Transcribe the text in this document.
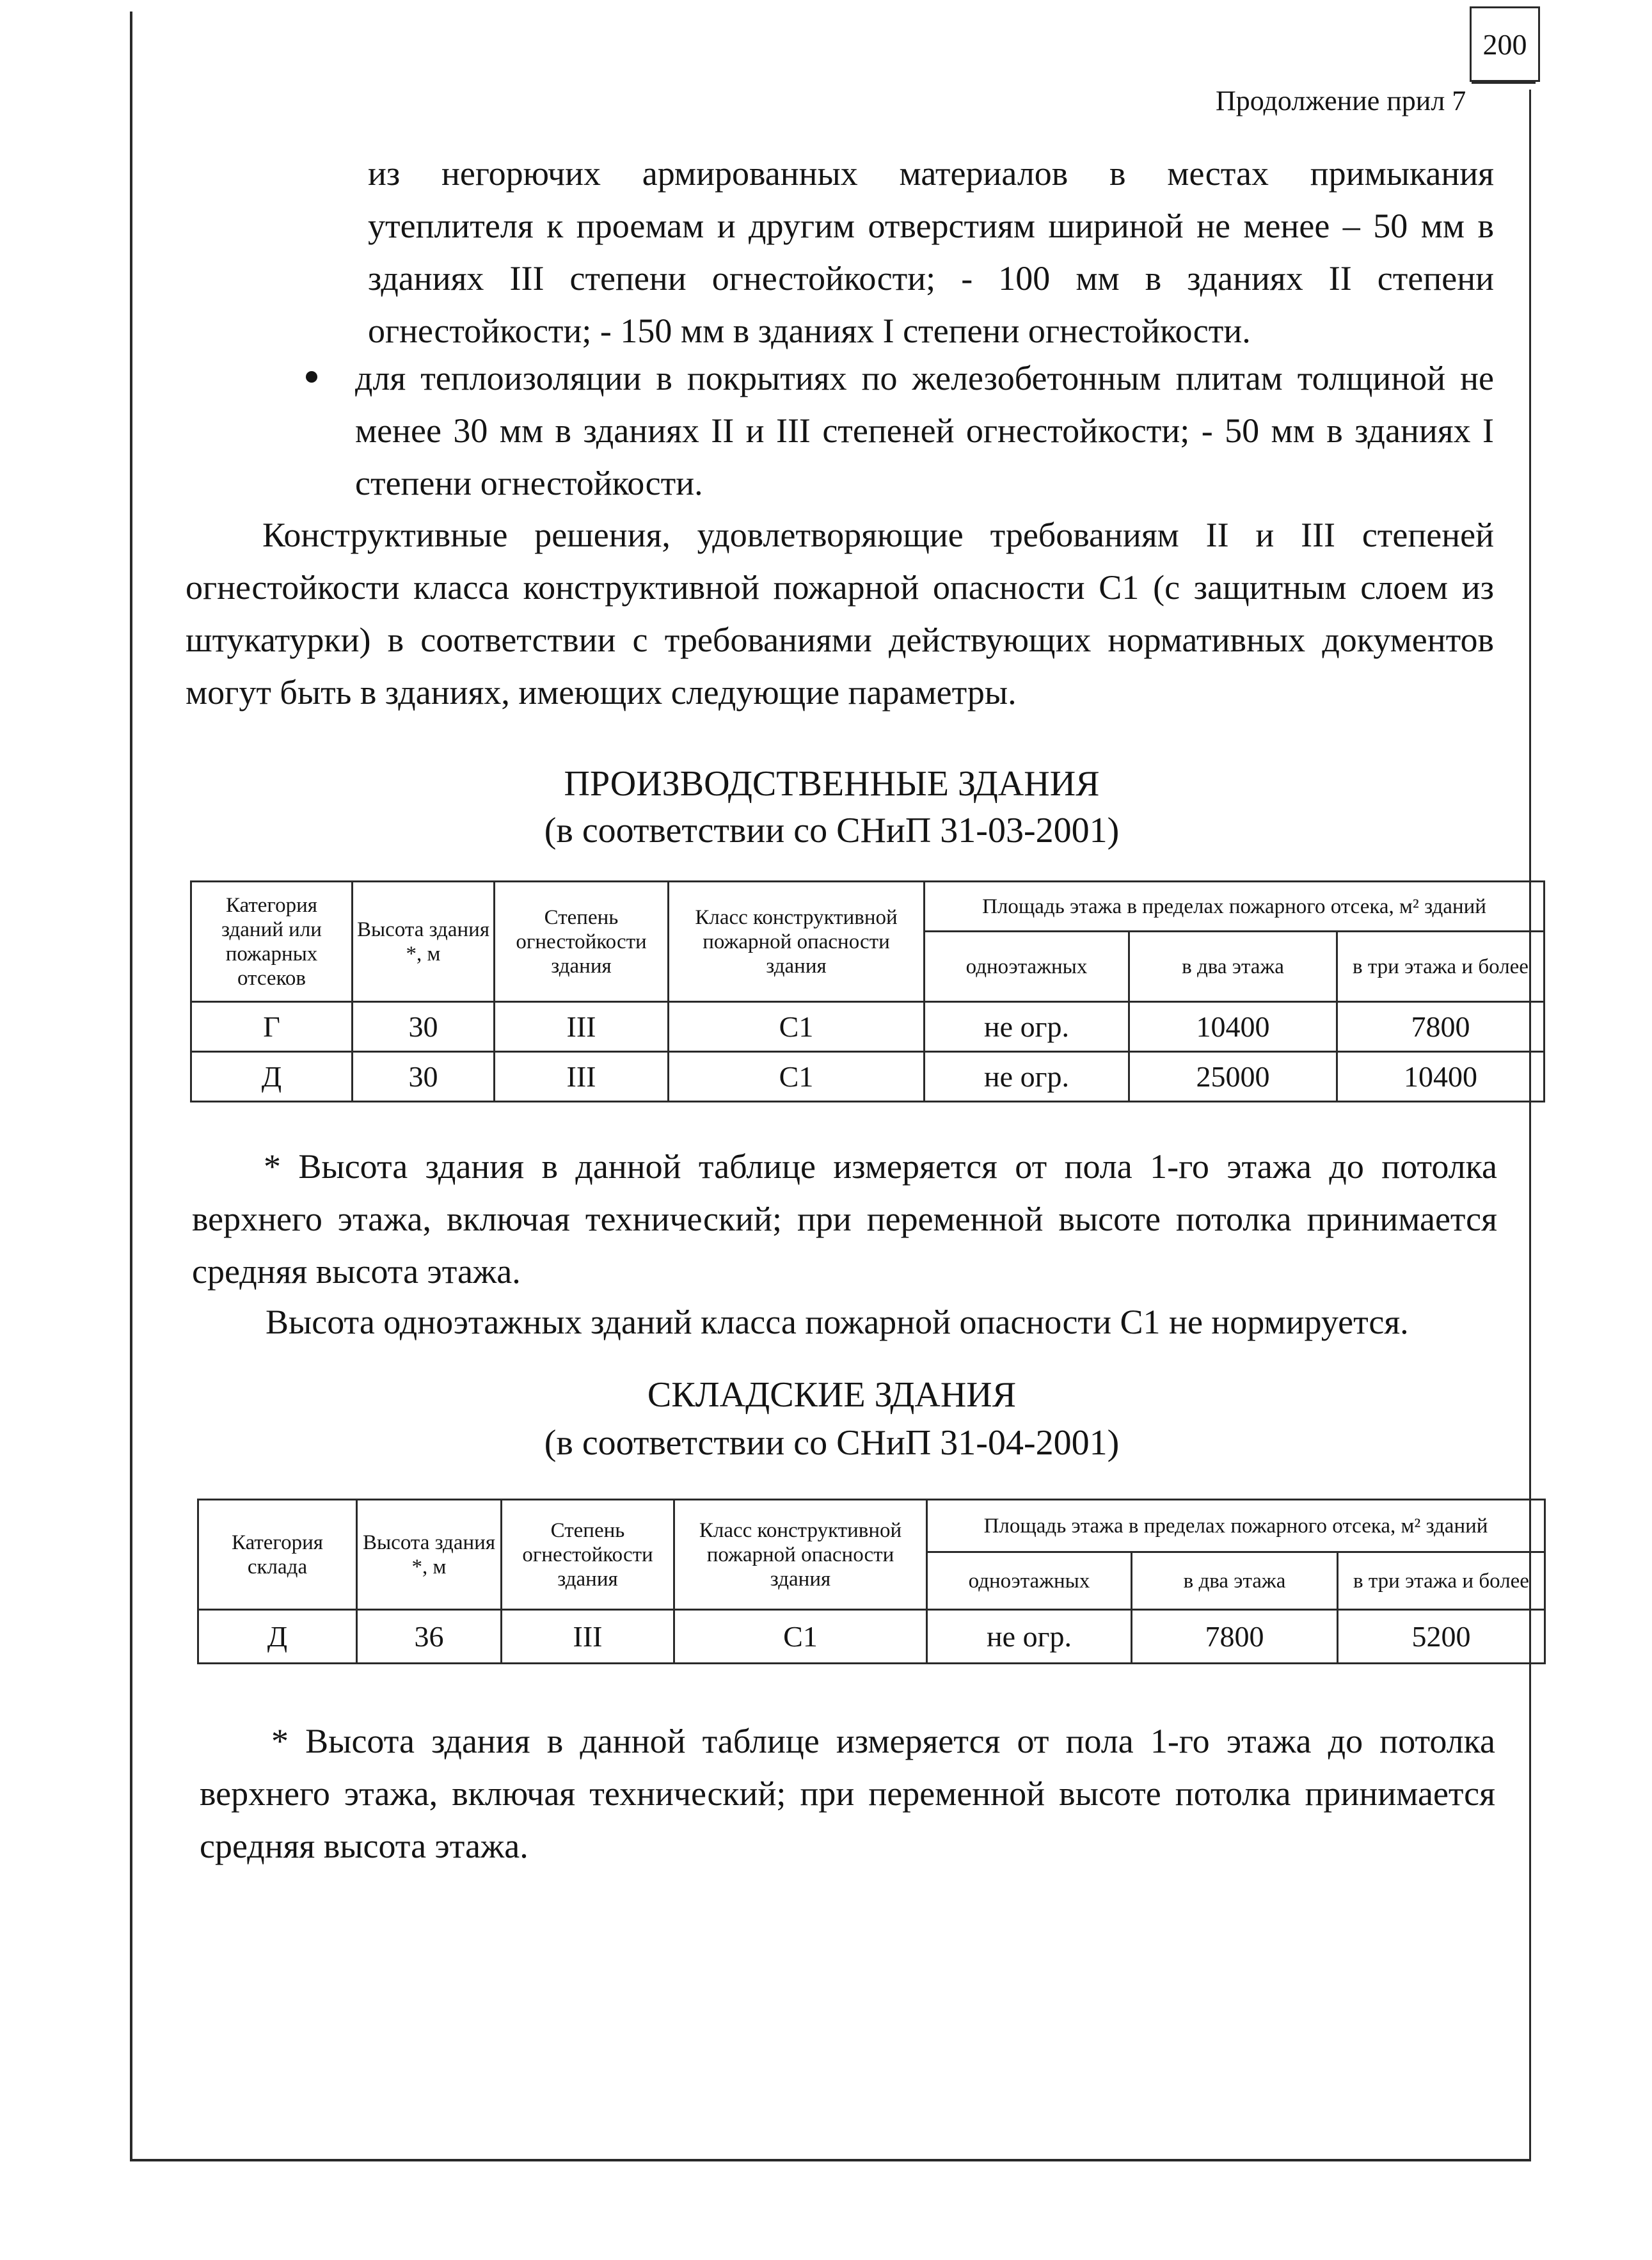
200
Продолжение прил 7
из негорючих армированных материалов в местах примыкания
утеплителя к проемам и другим отверстиям шириной не менее – 50 мм в
зданиях III степени огнестойкости; - 100 мм в зданиях II степени
огнестойкости; - 150 мм в зданиях I степени огнестойкости.
для теплоизоляции в покрытиях по железобетонным плитам толщиной не
менее 30 мм в зданиях II и III степеней огнестойкости; - 50 мм в зданиях I
степени огнестойкости.
Конструктивные решения, удовлетворяющие требованиям II и III степеней
огнестойкости класса конструктивной пожарной опасности С1 (с защитным слоем из
штукатурки) в соответствии с требованиями действующих нормативных документов
могут быть в зданиях, имеющих следующие параметры.
ПРОИЗВОДСТВЕННЫЕ ЗДАНИЯ
(в соответствии со СНиП 31-03-2001)
Категория зданий или пожарных отсеков	Высота здания *, м	Степень огнестойкости здания	Класс конструктивной пожарной опасности здания	Площадь этажа в пределах пожарного отсека, м² зданий		
				одноэтажных	в два этажа	в три этажа и более
Г	30	III	С1	не огр.	10400	7800
Д	30	III	С1	не огр.	25000	10400
* Высота здания в данной таблице измеряется от пола 1-го этажа до потолка
верхнего этажа, включая технический; при переменной высоте потолка принимается
средняя высота этажа.
Высота одноэтажных зданий класса пожарной опасности С1 не нормируется.
СКЛАДСКИЕ ЗДАНИЯ
(в соответствии со СНиП 31-04-2001)
Категория склада	Высота здания *, м	Степень огнестойкости здания	Класс конструктивной пожарной опасности здания	Площадь этажа в пределах пожарного отсека, м² зданий		
				одноэтажных	в два этажа	в три этажа и более
Д	36	III	С1	не огр.	7800	5200
* Высота здания в данной таблице измеряется от пола 1-го этажа до потолка
верхнего этажа, включая технический; при переменной высоте потолка принимается
средняя высота этажа.
